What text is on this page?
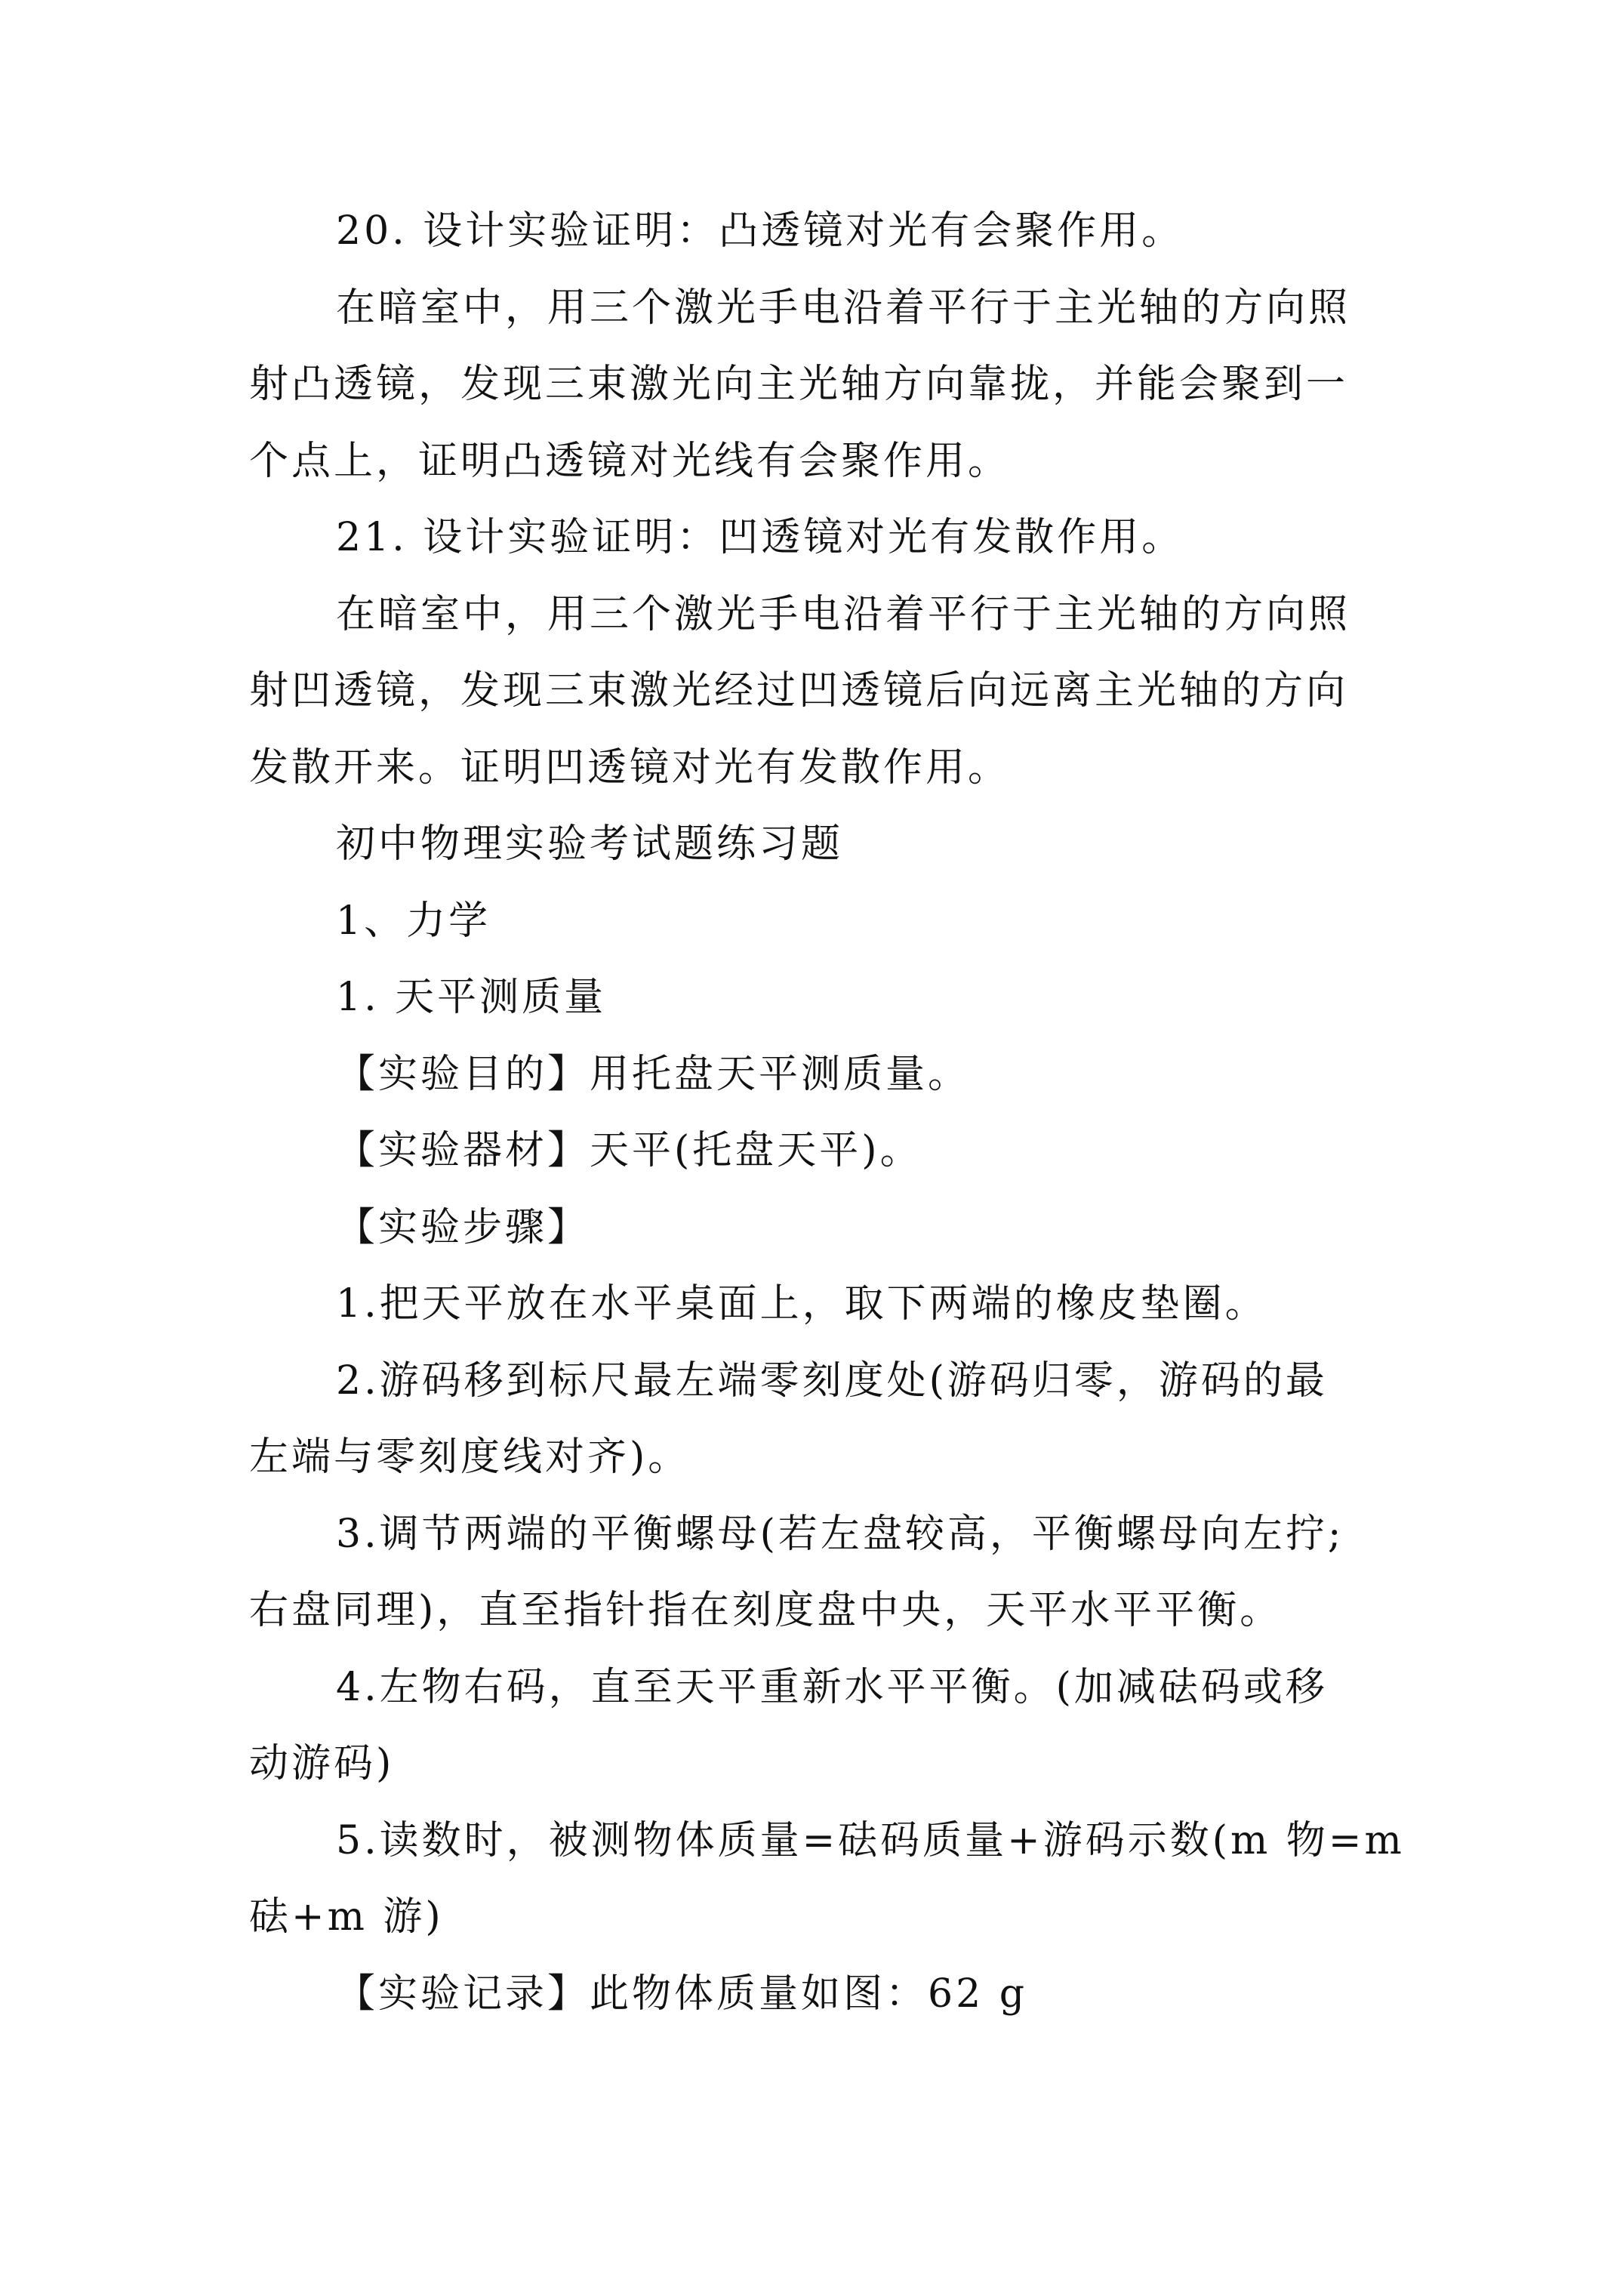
20. 设计实验证明：凸透镜对光有会聚作用。

在暗室中，用三个激光手电沿着平行于主光轴的方向照

射凸透镜，发现三束激光向主光轴方向靠拢，并能会聚到一

个点上，证明凸透镜对光线有会聚作用。

21. 设计实验证明：凹透镜对光有发散作用。

在暗室中，用三个激光手电沿着平行于主光轴的方向照

射凹透镜，发现三束激光经过凹透镜后向远离主光轴的方向

发散开来。证明凹透镜对光有发散作用。

初中物理实验考试题练习题

1、力学

1. 天平测质量

【实验目的】用托盘天平测质量。

【实验器材】天平(托盘天平)。

【实验步骤】

1.把天平放在水平桌面上，取下两端的橡皮垫圈。

2.游码移到标尺最左端零刻度处(游码归零，游码的最

左端与零刻度线对齐)。

3.调节两端的平衡螺母(若左盘较高，平衡螺母向左拧;

右盘同理)，直至指针指在刻度盘中央，天平水平平衡。

4.左物右码，直至天平重新水平平衡。(加减砝码或移

动游码)

5.读数时，被测物体质量=砝码质量+游码示数(m 物=m

砝+m 游)

【实验记录】此物体质量如图：62 g
